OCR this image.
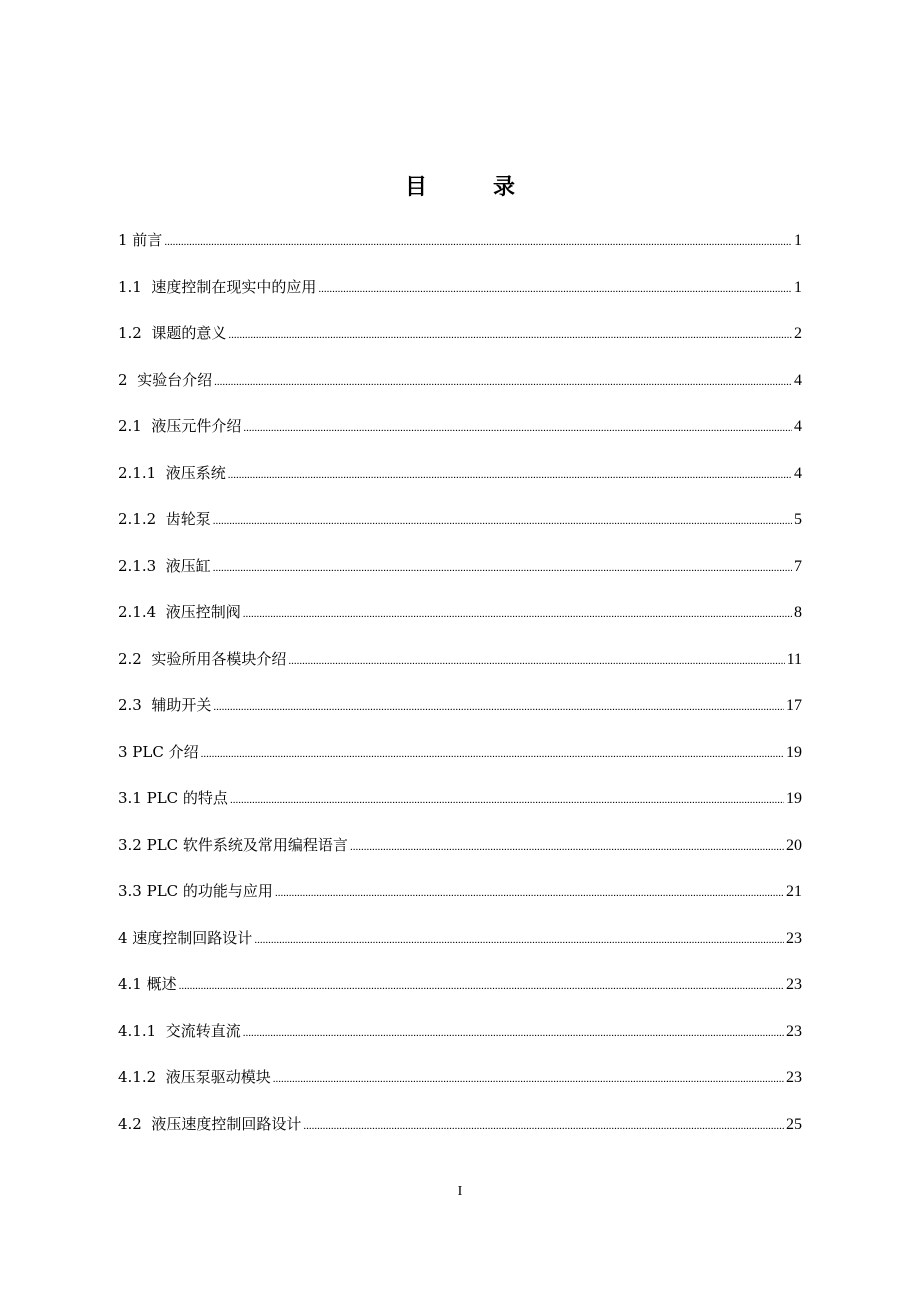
目　录
1 前言 .....	1
1.1  速度控制在现实中的应用 .....	1
1.2  课题的意义 .....	2
2  实验台介绍 .....	4
2.1  液压元件介绍 .....	4
2.1.1  液压系统 .....	4
2.1.2  齿轮泵 .....	5
2.1.3  液压缸 .....	7
2.1.4  液压控制阀 .....	8
2.2  实验所用各模块介绍 .....	11
2.3  辅助开关 .....	17
3 PLC 介绍 .....	19
3.1 PLC 的特点 .....	19
3.2 PLC 软件系统及常用编程语言 .....	20
3.3 PLC 的功能与应用 .....	21
4 速度控制回路设计 .....	23
4.1 概述 .....	23
4.1.1  交流转直流 .....	23
4.1.2  液压泵驱动模块 .....	23
4.2  液压速度控制回路设计 .....	25
I
